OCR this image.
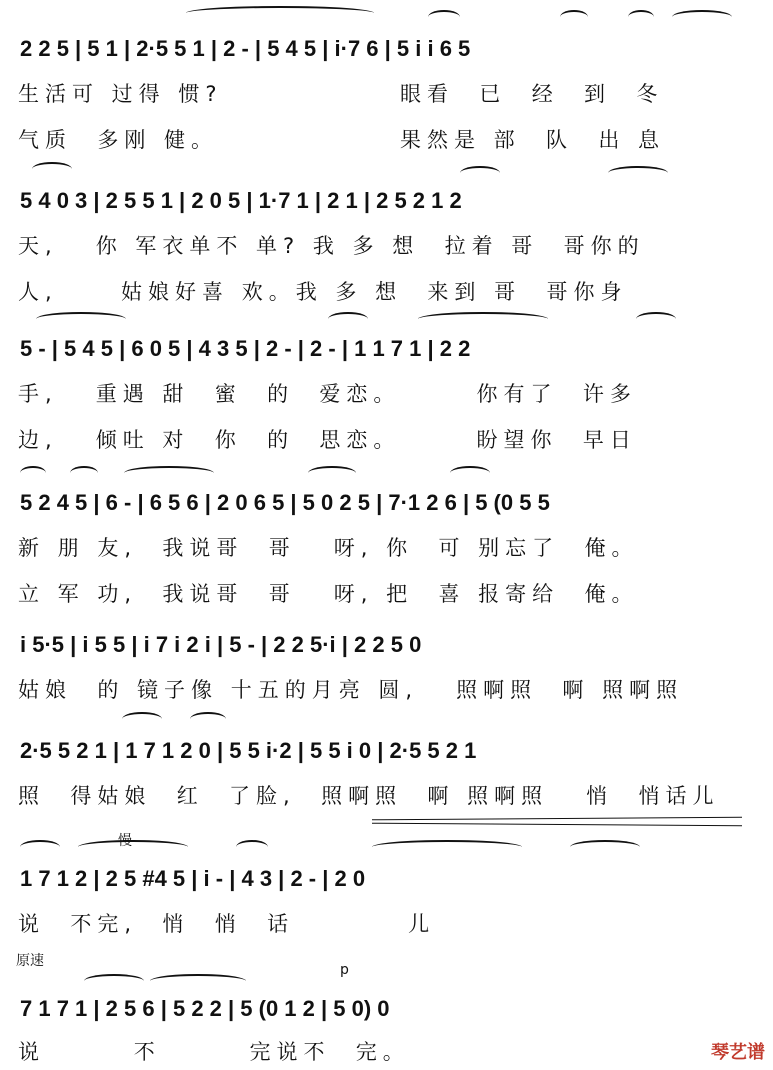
2 2 5 | 5 1 | 2·5 5 1 | 2 - | 5 4 5 | i·7 6 | 5 i i 6 5
生活可 过得 惯?	眼看  已  经  到  冬
气质  多刚 健。	果然是 部  队  出 息
5 4 0 3 | 2 5 5 1 | 2 0 5 | 1·7 1 | 2 1 | 2 5 2 1 2
天,   你 军衣单不 单? 我 多 想  拉着 哥  哥你的
人,     姑娘好喜 欢。我 多 想  来到 哥  哥你身
5 - | 5 4 5 | 6 0 5 | 4 3 5 | 2 - | 2 - | 1 1 7 1 | 2 2
手,   重遇 甜  蜜  的  爱恋。      你有了  许多
边,   倾吐 对  你  的  思恋。      盼望你  早日
5 2 4 5 | 6 - | 6 5 6 | 2 0 6 5 | 5 0 2 5 | 7·1 2 6 | 5 (0 5 5
新 朋 友,  我说哥  哥   呀, 你  可 别忘了  俺。
立 军 功,  我说哥  哥   呀, 把  喜 报寄给  俺。
i 5·5 | i 5 5 | i 7 i 2 i | 5 - | 2 2 5·i | 2 2 5 0
姑娘  的 镜子像 十五的月亮 圆,   照啊照  啊 照啊照
2·5 5 2 1 | 1 7 1 2 0 | 5 5 i·2 | 5 5 i 0 | 2·5 5 2 1
照  得姑娘  红  了脸,  照啊照  啊 照啊照   悄  悄话儿
慢
1 7 1 2 | 2 5 #4 5 | i - | 4 3 | 2 - | 2 0
说  不完,  悄  悄  话         儿
原速
p
7 1 7 1 | 2 5 6 | 5 2 2 | 5 (0 1 2 | 5 0) 0
说       不       完说不  完。	琴艺谱
